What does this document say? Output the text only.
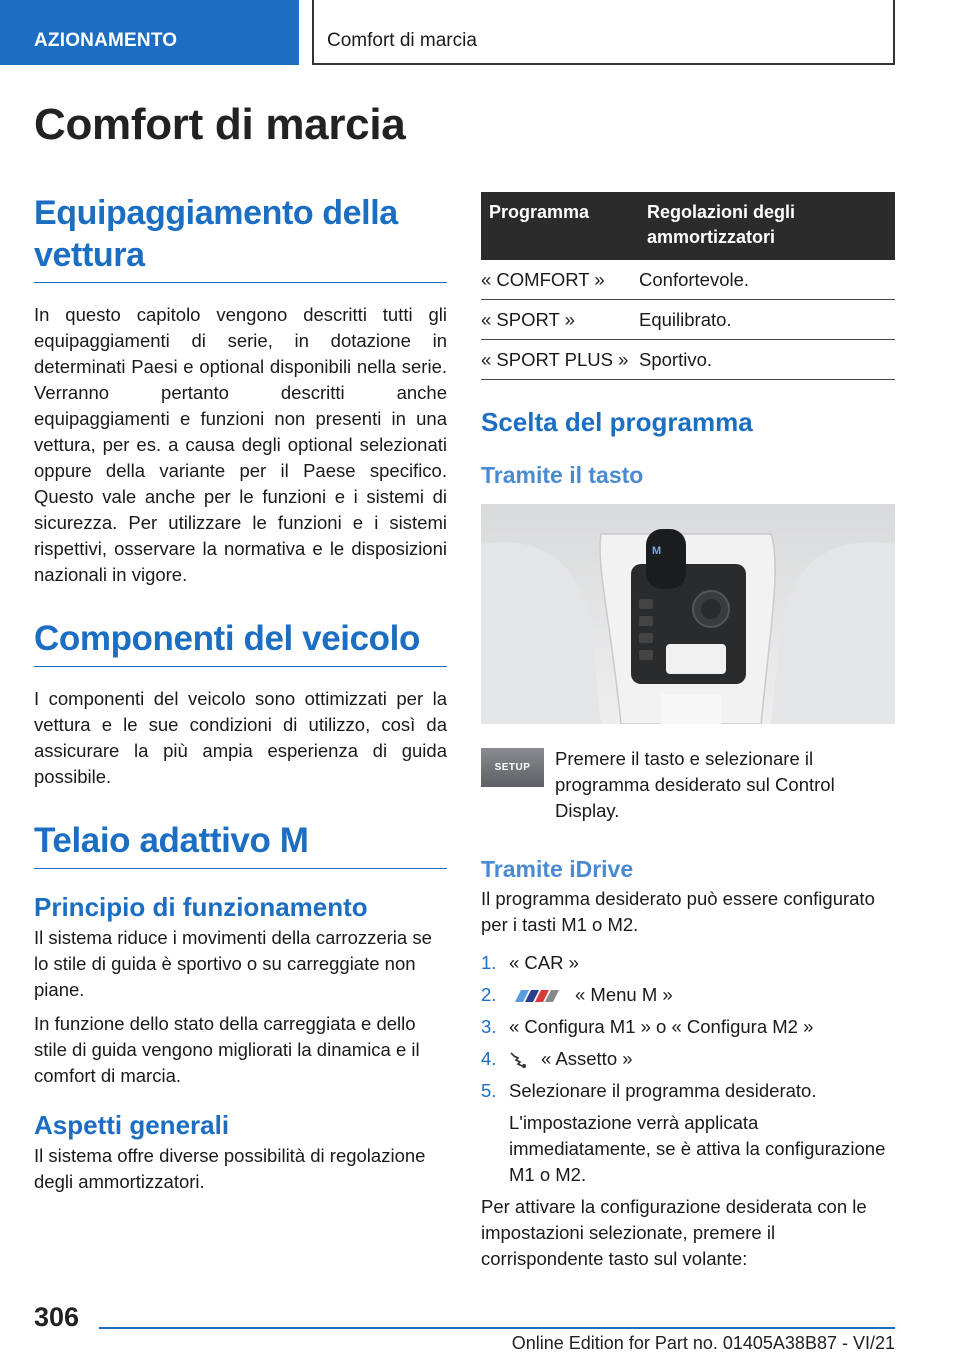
AZIONAMENTO	Comfort di marcia
Comfort di marcia
Equipaggiamento della vettura
In questo capitolo vengono descritti tutti gli equipaggiamenti di serie, in dotazione in determinati Paesi e optional disponibili nella serie. Verranno pertanto descritti anche equipaggiamenti e funzioni non presenti in una vettura, per es. a causa degli optional selezionati oppure della variante per il Paese specifico. Questo vale anche per le funzioni e i sistemi di sicurezza. Per utilizzare le funzioni e i sistemi rispettivi, osservare la normativa e le disposizioni nazionali in vigore.
Componenti del veicolo
I componenti del veicolo sono ottimizzati per la vettura e le sue condizioni di utilizzo, così da assicurare la più ampia esperienza di guida possibile.
Telaio adattivo M
Principio di funzionamento
Il sistema riduce i movimenti della carrozzeria se lo stile di guida è sportivo o su carreggiate non piane.
In funzione dello stato della carreggiata e dello stile di guida vengono migliorati la dinamica e il comfort di marcia.
Aspetti generali
Il sistema offre diverse possibilità di regolazione degli ammortizzatori.
Programma	Regolazioni degli ammortizzatori
« COMFORT »	Confortevole.
« SPORT »	Equilibrato.
« SPORT PLUS »	Sportivo.
Scelta del programma
Tramite il tasto
M
SETUP Premere il tasto e selezionare il programma desiderato sul Control Display.
Tramite iDrive
Il programma desiderato può essere configurato per i tasti M1 o M2.
1. « CAR »
2.	« Menu M »
3. « Configura M1 » o « Configura M2 »
4.	« Assetto »
5. Selezionare il programma desiderato.
L'impostazione verrà applicata immediatamente, se è attiva la configurazione M1 o M2.
Per attivare la configurazione desiderata con le impostazioni selezionate, premere il corrispondente tasto sul volante:
306
Online Edition for Part no. 01405A38B87 - VI/21
